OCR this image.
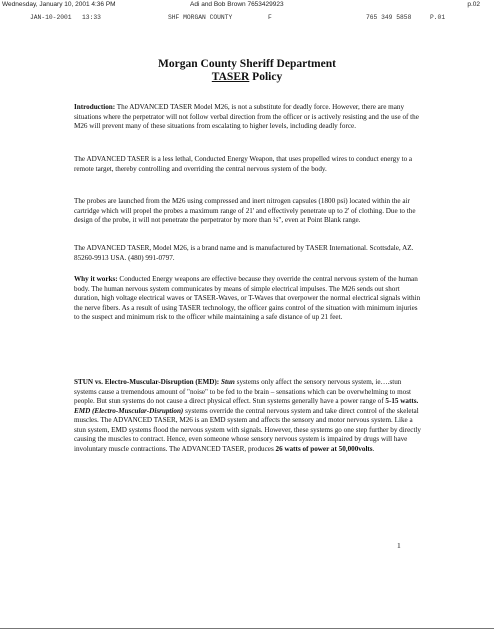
Wednesday, January 10, 2001 4:36 PM	Adi and Bob Brown 7653429923	p.02
JAN-10-2001 13:33	SHF MORGAN COUNTY	F	765 349 5858	P.01
Morgan County Sheriff Department
TASER Policy

Introduction: The ADVANCED TASER Model M26, is not a substitute for deadly force. However, there are many situations where the perpetrator will not follow verbal direction from the officer or is actively resisting and the use of the M26 will prevent many of these situations from escalating to higher levels, including deadly force.

The ADVANCED TASER is a less lethal, Conducted Energy Weapon, that uses propelled wires to conduct energy to a remote target, thereby controlling and overriding the central nervous system of the body.

The probes are launched from the M26 using compressed and inert nitrogen capsules (1800 psi) located within the air cartridge which will propel the probes a maximum range of 21' and effectively penetrate up to 2' of clothing. Due to the design of the probe, it will not penetrate the perpetrator by more than ¼", even at Point Blank range.

The ADVANCED TASER, Model M26, is a brand name and is manufactured by TASER International. Scottsdale, AZ. 85260-9913 USA. (480) 991-0797.

Why it works: Conducted Energy weapons are effective because they override the central nervous system of the human body. The human nervous system communicates by means of simple electrical impulses. The M26 sends out short duration, high voltage electrical waves or TASER-Waves, or T-Waves that overpower the normal electrical signals within the nerve fibers. As a result of using TASER technology, the officer gains control of the situation with minimum injuries to the suspect and minimum risk to the officer while maintaining a safe distance of up 21 feet.

STUN vs. Electro-Muscular-Disruption (EMD): Stun systems only affect the sensory nervous system, ie….stun systems cause a tremendous amount of "noise" to be fed to the brain – sensations which can be overwhelming to most people. But stun systems do not cause a direct physical effect. Stun systems generally have a power range of 5-15 watts. EMD (Electro-Muscular-Disruption) systems override the central nervous system and take direct control of the skeletal muscles. The ADVANCED TASER, M26 is an EMD system and affects the sensory and motor nervous system. Like a stun system, EMD systems flood the nervous system with signals. However, these systems go one step further by directly causing the muscles to contract. Hence, even someone whose sensory nervous system is impaired by drugs will have involuntary muscle contractions. The ADVANCED TASER, produces 26 watts of power at 50,000volts.

1
